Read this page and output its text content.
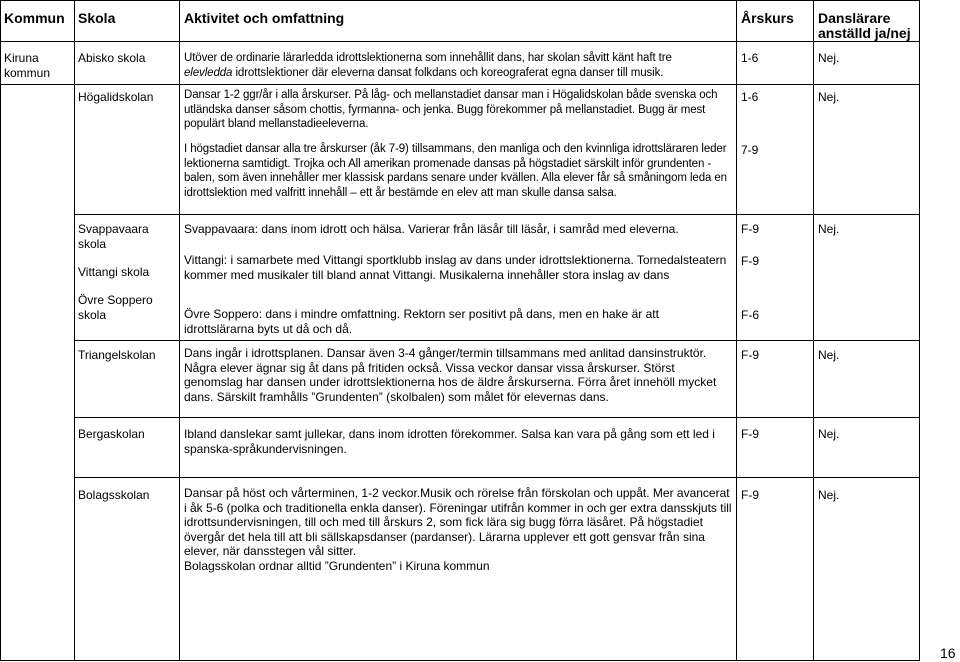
Kommun Skola	Aktivitet och omfattning	Årskurs Danslärare
anställd ja/nej
Kiruna kommun
Abisko skola
Högalidskolan
Svappavaara skola
Vittangi skola
Övre Soppero skola
Triangelskolan
Bergaskolan
Bolagsskolan
Utöver de ordinarie lärarledda idrottslektionerna som innehållit dans, har skolan såvitt känt haft tre
elevledda idrottslektioner där eleverna dansat folkdans och koreograferat egna danser till musik.
Dansar 1-2 ggr/år i alla årskurser. På låg- och mellanstadiet dansar man i Högalidskolan både svenska och utländska danser såsom chottis, fyrmanna- och jenka. Bugg förekommer på mellanstadiet. Bugg är mest populärt bland mellanstadieeleverna.
I högstadiet dansar alla tre årskurser (åk 7-9) tillsammans, den manliga och den kvinnliga idrottsläraren leder lektionerna samtidigt. Trojka och All amerikan promenade dansas på högstadiet särskilt inför grundenten - balen, som även innehåller mer klassisk pardans senare under kvällen. Alla elever får så småningom leda en idrottslektion med valfritt innehåll – ett år bestämde en elev att man skulle dansa salsa.
Svappavaara: dans inom idrott och hälsa. Varierar från läsår till läsår, i samråd med eleverna.
Vittangi: i samarbete med Vittangi sportklubb inslag av dans under idrottslektionerna. Tornedalsteatern kommer med musikaler till bland annat Vittangi. Musikalerna innehåller stora inslag av dans
Övre Soppero: dans i mindre omfattning. Rektorn ser positivt på dans, men en hake är att idrottslärarna byts ut då och då.
Dans ingår i idrottsplanen. Dansar även 3-4 gånger/termin tillsammans med anlitad dansinstruktör. Några elever ägnar sig åt dans på fritiden också. Vissa veckor dansar vissa årskurser. Störst genomslag har dansen under idrottslektionerna hos de äldre årskurserna. Förra året innehöll mycket dans. Särskilt framhålls ”Grundenten” (skolbalen) som målet för elevernas dans.
Ibland danslekar samt jullekar, dans inom idrotten förekommer. Salsa kan vara på gång som ett led i spanska-språkundervisningen.
Dansar på höst och vårterminen, 1-2 veckor.Musik och rörelse från förskolan och uppåt. Mer avancerat i åk 5-6 (polka och traditionella enkla danser). Föreningar utifrån kommer in och ger extra dansskjuts till idrottsundervisningen, till och med till årskurs 2, som fick lära sig bugg förra läsåret. På högstadiet övergår det hela till att bli sällskapsdanser (pardanser). Lärarna upplever ett gott gensvar från sina elever, när dansstegen vål sitter.
Bolagsskolan ordnar alltid ”Grundenten” i Kiruna kommun
1-6
1-6
7-9
F-9
F-9
F-6
F-9
F-9
F-9
Nej.
Nej.
Nej.
Nej.
Nej.
Nej.
16
